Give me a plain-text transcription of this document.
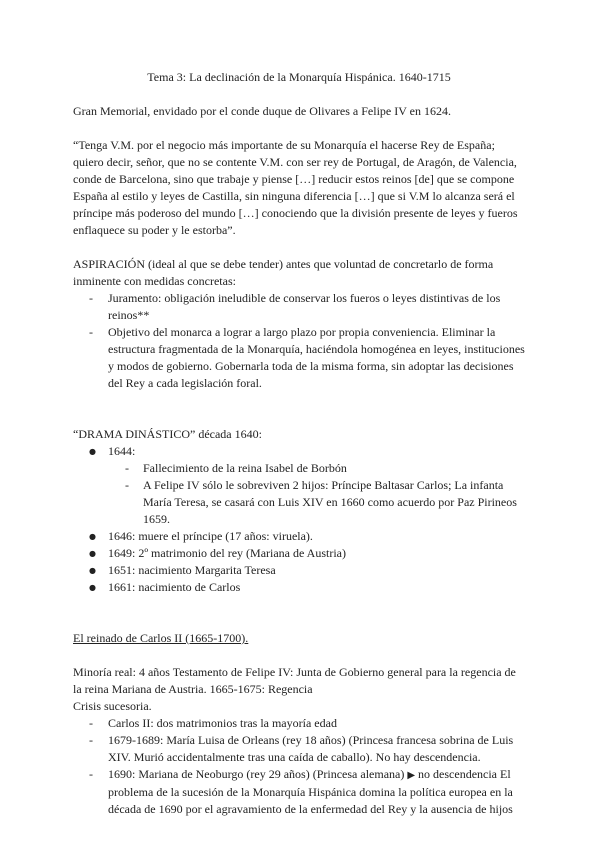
Tema 3: La declinación de la Monarquía Hispánica. 1640-1715

Gran Memorial, envidado por el conde duque de Olivares a Felipe IV en 1624.

“Tenga V.M. por el negocio más importante de su Monarquía el hacerse Rey de España; quiero decir, señor, que no se contente V.M. con ser rey de Portugal, de Aragón, de Valencia, conde de Barcelona, sino que trabaje y piense […] reducir estos reinos [de] que se compone España al estilo y leyes de Castilla, sin ninguna diferencia […] que si V.M lo alcanza será el príncipe más poderoso del mundo […] conociendo que la división presente de leyes y fueros enflaquece su poder y le estorba”.

ASPIRACIÓN (ideal al que se debe tender) antes que voluntad de concretarlo de forma inminente con medidas concretas:

- Juramento: obligación ineludible de conservar los fueros o leyes distintivas de los reinos**
- Objetivo del monarca a lograr a largo plazo por propia conveniencia. Eliminar la estructura fragmentada de la Monarquía, haciéndola homogénea en leyes, instituciones y modos de gobierno. Gobernarla toda de la misma forma, sin adoptar las decisiones del Rey a cada legislación foral.

“DRAMA DINÁSTICO” década 1640:

● 1644:
- Fallecimiento de la reina Isabel de Borbón
- A Felipe IV sólo le sobreviven 2 hijos: Príncipe Baltasar Carlos; La infanta María Teresa, se casará con Luis XIV en 1660 como acuerdo por Paz Pirineos 1659.
● 1646: muere el príncipe (17 años: viruela).
● 1649: 2º matrimonio del rey (Mariana de Austria)
● 1651: nacimiento Margarita Teresa
● 1661: nacimiento de Carlos

El reinado de Carlos II (1665-1700).

Minoría real: 4 años Testamento de Felipe IV: Junta de Gobierno general para la regencia de la reina Mariana de Austria. 1665-1675: Regencia

Crisis sucesoria.

- Carlos II: dos matrimonios tras la mayoría edad
- 1679-1689: María Luisa de Orleans (rey 18 años) (Princesa francesa sobrina de Luis XIV. Murió accidentalmente tras una caída de caballo). No hay descendencia.
- 1690: Mariana de Neoburgo (rey 29 años) (Princesa alemana) ▶ no descendencia El problema de la sucesión de la Monarquía Hispánica domina la política europea en la década de 1690 por el agravamiento de la enfermedad del Rey y la ausencia de hijos
